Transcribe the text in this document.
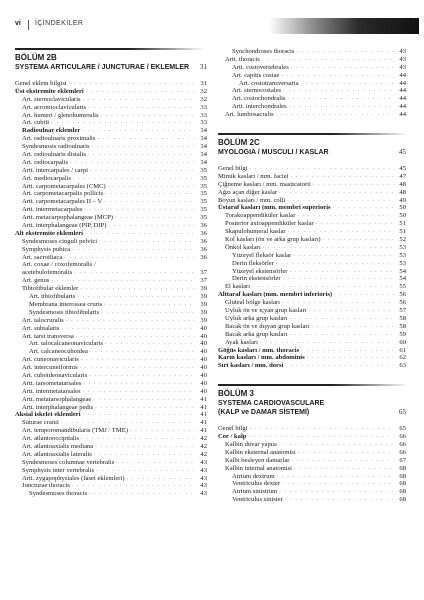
vi İÇİNDEKİLER
BÖLÜM 2B
SYSTEMA ARTICULARE / JUNCTURAE / EKLEMLER	31
Genel eklem bilgisi . . .	31
Üst ekstremite eklemleri . . .	32
Art. sternoclavicularis . . .	32
Art. acromioclavicularis . . .	33
Art. humeri / glenohumeralis . . .	33
Art. cubiti . . .	33
Radioulnar eklemler . . .	34
Art. radioulnaris proximalis . . .	34
Syndesmosis radioulnaris . . .	34
Art. radioulnaris distalis . . .	34
Art. radiocarpalis . . .	34
Artt. intercarpales / carpi . . .	35
Art. mediocarpalis . . .	35
Artt. carpometacarpales (CMC) . . .	35
Art. carpometacarpalis pollicis . . .	35
Artt. carpometacarpales II – V . . .	35
Artt. intermetacarpales . . .	35
Artt. metacarpophalangeae (MCP) . . .	35
Artt. interphalangeae (PIP, DIP) . . .	36
Alt ekstremite eklemleri . . .	36
Syndesmoses cinguli pelvici . . .	36
Symphysis pubica . . .	36
Art. sacroiliaca . . .	36
Art. coxae / coxofemoralis /
acetebulofemoralis . . .	37
Art. genus . . .	37
Tibiofibular eklemler . . .	39
Art. tibiofibularis . . .	39
Membrana interossea cruris . . .	39
Syndesmosis tibiofibularis . . .	39
Art. talocruralis . . .	39
Art. subtalaris . . .	40
Art. tarsi transversa . . .	40
Art. talocalcaneonavicularis . . .	40
Art. calcaneocuboidea . . .	40
Art. cuneonavicularis . . .	40
Art. intercuneiformis . . .	40
Art. cuboideonavicularis . . .	40
Artt. tarsometatarsales . . .	40
Artt. intermetatarsales . . .	40
Artt. metatarsophalangeae . . .	41
Artt. interphalangeae pedis . . .	41
Aksial iskelet eklemleri . . .	41
Suturae cranii . . .	41
Art. temporomandibularis (TMJ / TME) . . .	41
Art. atlantooccipitalis . . .	42
Art. atlantoaxialis mediana . . .	42
Art. atlantoaxialis lateralis . . .	42
Syndesmoses columnae vertebralis . . .	43
Symphysis inter vertebralis . . .	43
Artt. zygapophysiales (faset eklemleri) . . .	43
Juncturae thoracis . . .	43
Syndesmoses thoracis . . .	43
Synchondroses thoracis . . .	43
Artt. thoracis . . .	43
Artt. costovertebrales . . .	43
Art. capitis costae . . .	44
Art. costotransversaria . . .	44
Art. sternocostales . . .	44
Art. costochondralis . . .	44
Artt. interchondrales . . .	44
Art. lumbosacralis . . .	44
BÖLÜM 2C
MYOLOGIA / MUSCULI / KASLAR	45
Genel bilgi . . .	45
Mimik kasları / mm. faciei . . .	47
Çiğneme kasları / mm. masticatorii . . .	48
Ağzı açan diğer kaslar . . .	48
Boyun kasları / mm. colli . . .	49
Üstaraf kasları (mm. membri superioris . . .	50
Torakoappendiküler kaslar . . .	50
Posterior axioappendiküler kaslar . . .	51
Skapulohumeral kaslar . . .	51
Kol kasları (ön ve arka grup kasları) . . .	52
Önkol kasları . . .	53
Yüzeyel fleksör kaslar . . .	53
Derin fleksörler . . .	53
Yüzeyel ekstensörler . . .	54
Derin ekstensörler . . .	54
El kasları . . .	55
Alttaraf kasları (mm. membri inferioris) . . .	56
Gluteal bölge kasları . . .	56
Uyluk ön ve içyan grup kasları . . .	57
Uyluk arka grup kasları . . .	58
Bacak ön ve dışyan grup kasları . . .	58
Bacak arka grup kasları . . .	59
Ayak kasları . . .	60
Göğüs kasları / mm. thoracis . . .	61
Karın kasları / mm. abdominis . . .	62
Sırt kasları / mm. dorsi . . .	63
BÖLÜM 3
SYSTEMA CARDIOVASCULARE
(KALP ve DAMAR SİSTEMİ)	65
Genel bilgi . . .	65
Cor / kalp . . .	66
Kalbin duvar yapısı . . .	66
Kalbin eksternal anatomisi . . .	66
Kalbi besleyen damarlar . . .	67
Kalbin internal anatomisi . . .	68
Atrium dextrum . . .	68
Ventriculus dexter . . .	68
Atrium sinistrum . . .	68
Ventriculus sinister . . .	68
